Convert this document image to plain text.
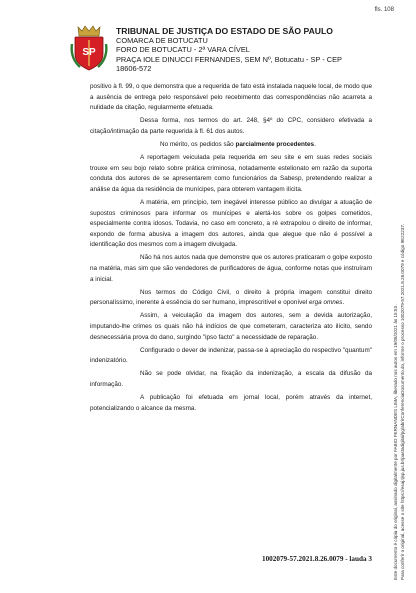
fls. 108
SP
TRIBUNAL DE JUSTIÇA DO ESTADO DE SÃO PAULO
COMARCA DE BOTUCATU
FORO DE BOTUCATU - 2ª VARA CÍVEL
PRAÇA IOLE DINUCCI FERNANDES, SEM Nº, Botucatu - SP - CEP
18606-572

positivo à fl. 99, o que demonstra que a requerida de fato está instalada naquele local, de modo que a ausência de entrega pelo responsável pelo recebimento das correspondências não acarreta a nulidade da citação, regularmente efetuada.

Dessa forma, nos termos do art. 248, §4º do CPC, considero efetivada a citação/intimação da parte requerida à fl. 61 dos autos.

No mérito, os pedidos são parcialmente procedentes.

A reportagem veiculada pela requerida em seu site e em suas redes sociais trouxe em seu bojo relato sobre prática criminosa, notadamente estelionato em razão da suporta conduta dos autores de se apresentarem como funcionários da Sabesp, pretendendo realizar a análise da água da residência de munícipes, para obterem vantagem ilícita.

A matéria, em princípio, tem inegável interesse público ao divulgar a atuação de supostos criminosos para informar os munícipes e alertá-los sobre os golpes cometidos, especialmente contra idosos. Todavia, no caso em concreto, a ré extrapolou o direito de informar, expondo de forma abusiva a imagem dos autores, ainda que alegue que não é possível a identificação dos mesmos com a imagem divulgada.

Não há nos autos nada que demonstre que os autores praticaram o golpe exposto na matéria, mas sim que são vendedores de purificadores de água, conforme notas que instruíram a inicial.

Nos termos do Código Civil, o direito à própria imagem constitui direito personalíssimo, inerente à essência do ser humano, imprescritível e oponível erga omnes.

Assim, a veiculação da imagem dos autores, sem a devida autorização, imputando-lhe crimes os quais não há indícios de que cometeram, caracteriza ato ilícito, sendo desnecessária prova do dano, surgindo "ipso facto" a necessidade de reparação.

Configurado o dever de indenizar, passa-se à apreciação do respectivo "quantum" indenizatório.

Não se pode olvidar, na fixação da indenização, a escala da difusão da informação.

A publicação foi efetuada em jornal local, porém através da internet, potencializando o alcance da mesma.

1002079-57.2021.8.26.0079 - lauda 3	Este documento é cópia do original, assinado digitalmente por FABIO FERNANDES LIMA, liberado nos autos em 19/08/2021 às 15:53 . Para conferir o original, acesse o site https://esaj.tjsp.jus.br/pastadigital/pg/abrirConferenciaDocumento.do, informe o processo 1002079-57.2021.8.26.0079 e código 9E22237.
